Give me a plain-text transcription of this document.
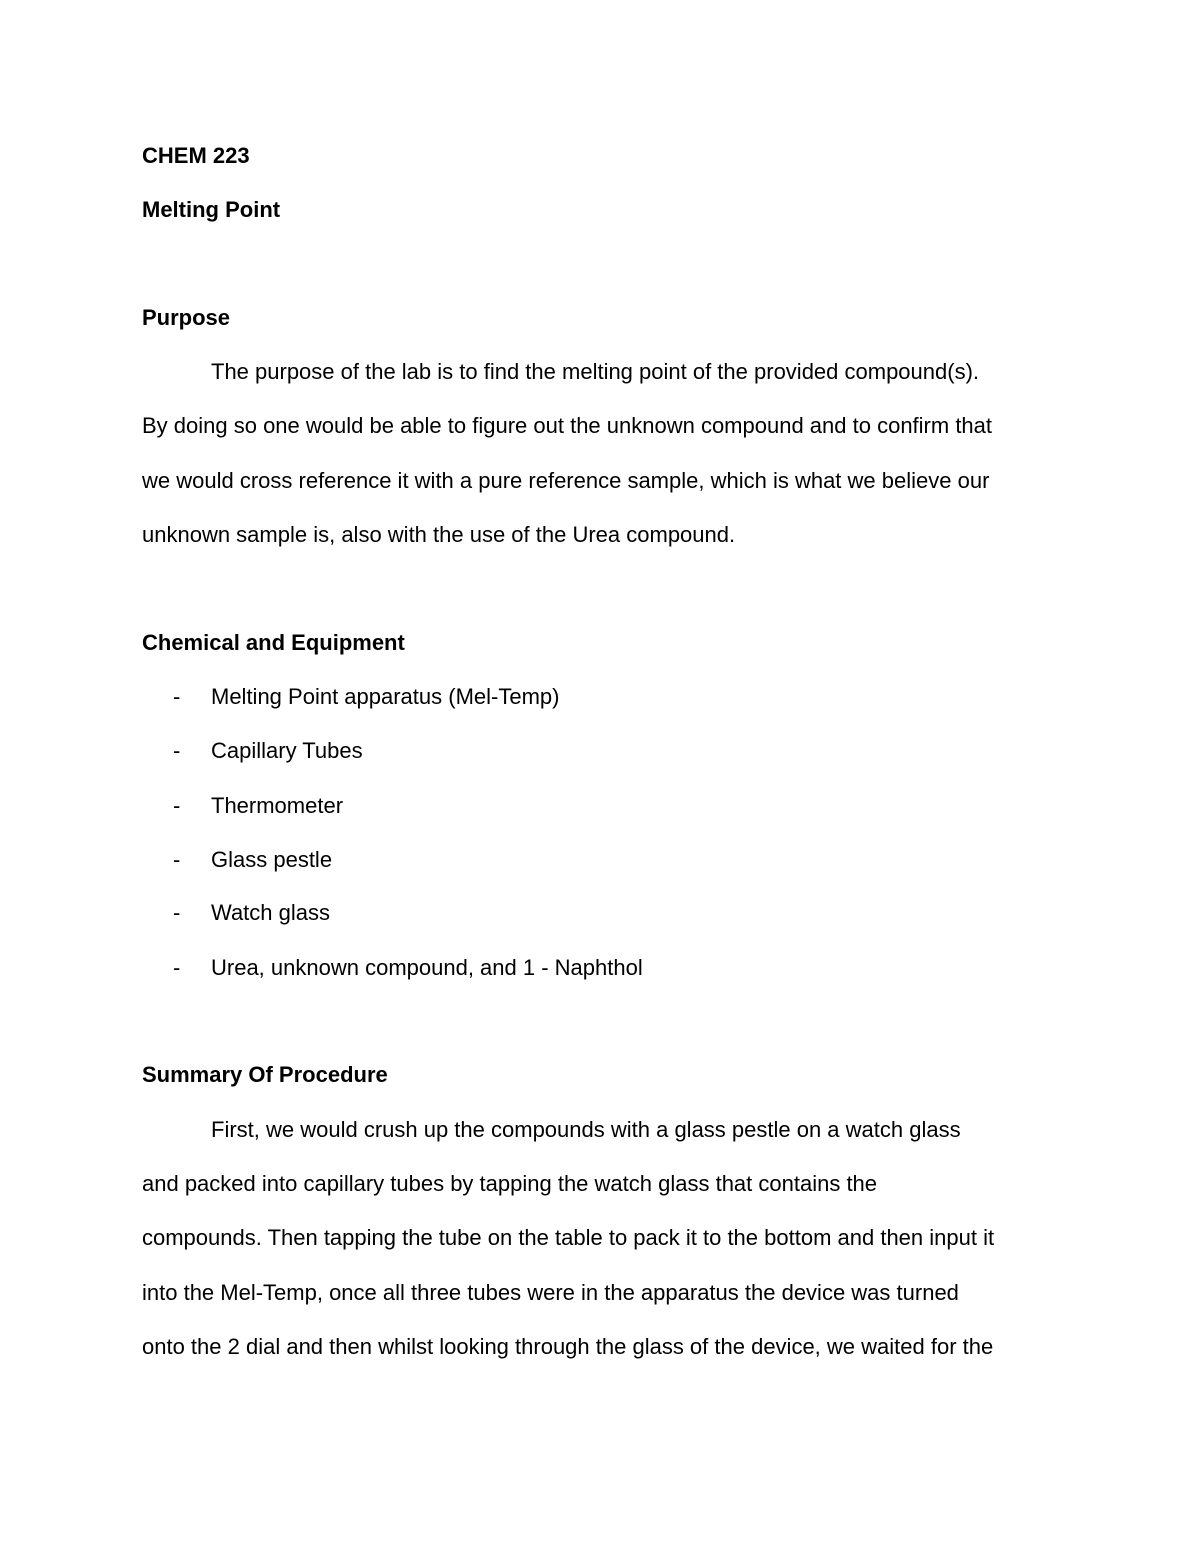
CHEM 223
Melting Point
Purpose
The purpose of the lab is to find the melting point of the provided compound(s).
By doing so one would be able to figure out the unknown compound and to confirm that
we would cross reference it with a pure reference sample, which is what we believe our
unknown sample is, also with the use of the Urea compound.
Chemical and Equipment
- Melting Point apparatus (Mel-Temp)
- Capillary Tubes
- Thermometer
- Glass pestle
- Watch glass
- Urea, unknown compound, and 1 - Naphthol
Summary Of Procedure
First, we would crush up the compounds with a glass pestle on a watch glass
and packed into capillary tubes by tapping the watch glass that contains the
compounds. Then tapping the tube on the table to pack it to the bottom and then input it
into the Mel-Temp, once all three tubes were in the apparatus the device was turned
onto the 2 dial and then whilst looking through the glass of the device, we waited for the
